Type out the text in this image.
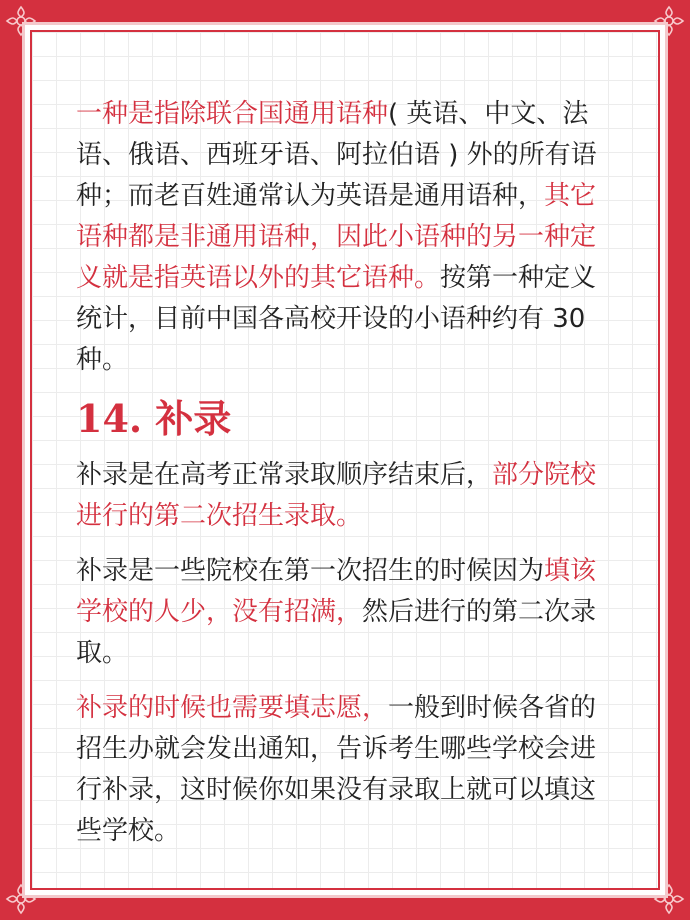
一种是指除联合国通用语种( 英语、中文、法语、俄语、西班牙语、阿拉伯语 ) 外的所有语种；而老百姓通常认为英语是通用语种，其它语种都是非通用语种，因此小语种的另一种定义就是指英语以外的其它语种。按第一种定义统计，目前中国各高校开设的小语种约有 30 种。

14. 补录

补录是在高考正常录取顺序结束后，部分院校进行的第二次招生录取。

补录是一些院校在第一次招生的时候因为填该学校的人少，没有招满，然后进行的第二次录取。

补录的时候也需要填志愿，一般到时候各省的招生办就会发出通知，告诉考生哪些学校会进行补录，这时候你如果没有录取上就可以填这些学校。
